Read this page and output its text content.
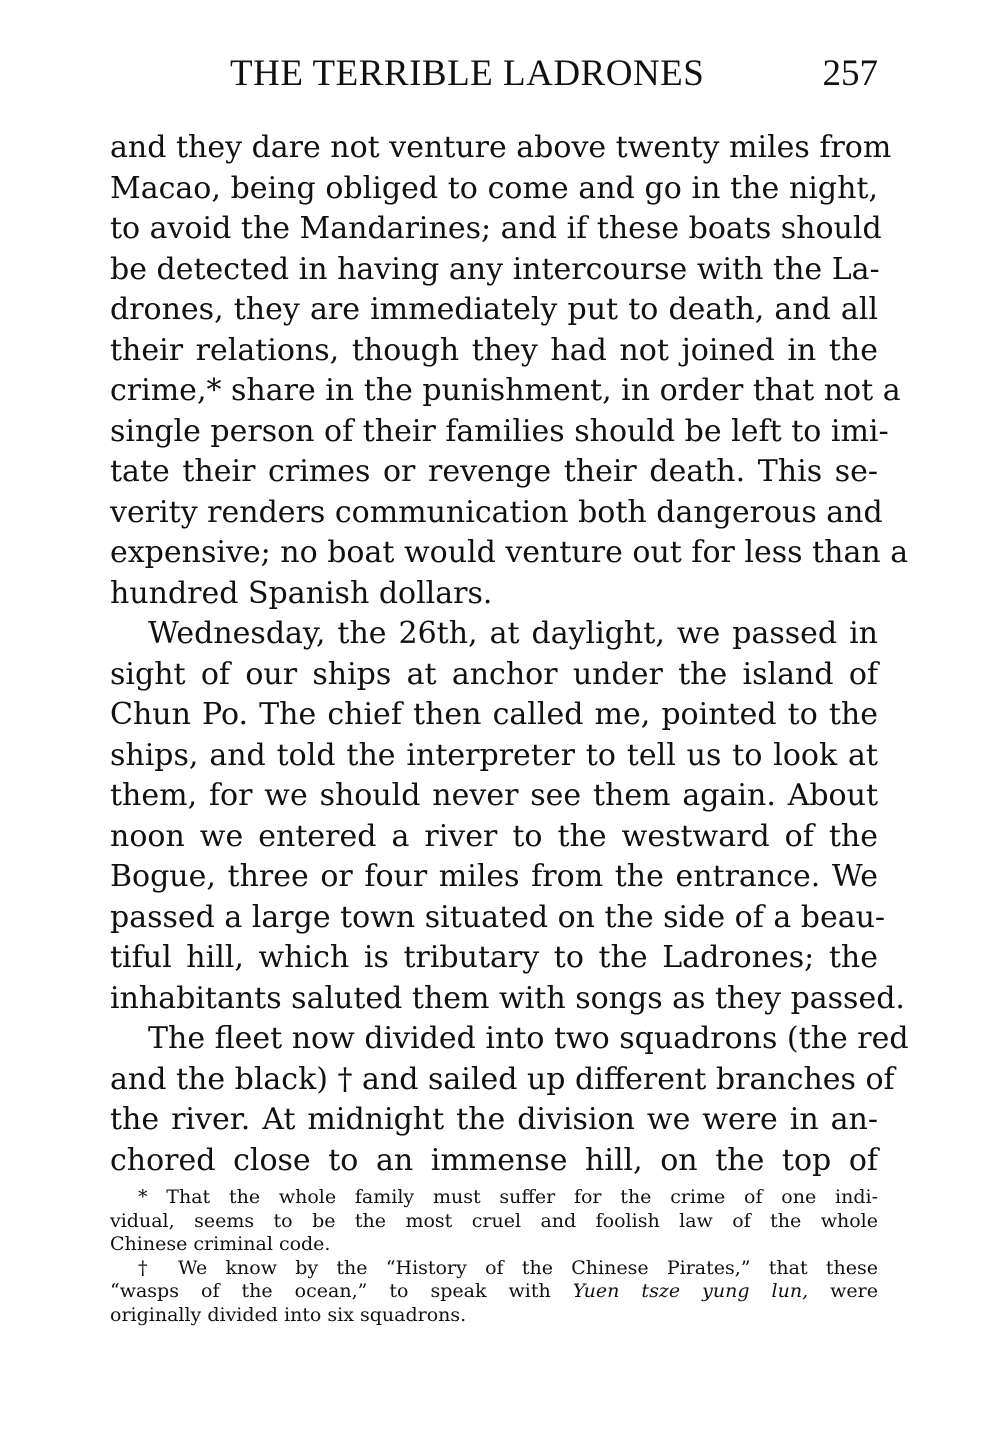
THE TERRIBLE LADRONES	257
and they dare not venture above twenty miles from
Macao, being obliged to come and go in the night,
to avoid the Mandarines; and if these boats should
be detected in having any intercourse with the La-
drones, they are immediately put to death, and all
their relations, though they had not joined in the
crime,* share in the punishment, in order that not a
single person of their families should be left to imi-
tate their crimes or revenge their death. This se-
verity renders communication both dangerous and
expensive; no boat would venture out for less than a
hundred Spanish dollars.
Wednesday, the 26th, at daylight, we passed in
sight of our ships at anchor under the island of
Chun Po. The chief then called me, pointed to the
ships, and told the interpreter to tell us to look at
them, for we should never see them again. About
noon we entered a river to the westward of the
Bogue, three or four miles from the entrance. We
passed a large town situated on the side of a beau-
tiful hill, which is tributary to the Ladrones; the
inhabitants saluted them with songs as they passed.
The fleet now divided into two squadrons (the red
and the black) † and sailed up different branches of
the river. At midnight the division we were in an-
chored close to an immense hill, on the top of
* That the whole family must suffer for the crime of one indi-
vidual, seems to be the most cruel and foolish law of the whole
Chinese criminal code.
† We know by the “History of the Chinese Pirates,” that these
“wasps of the ocean,” to speak with Yuen tsze yung lun, were
originally divided into six squadrons.
